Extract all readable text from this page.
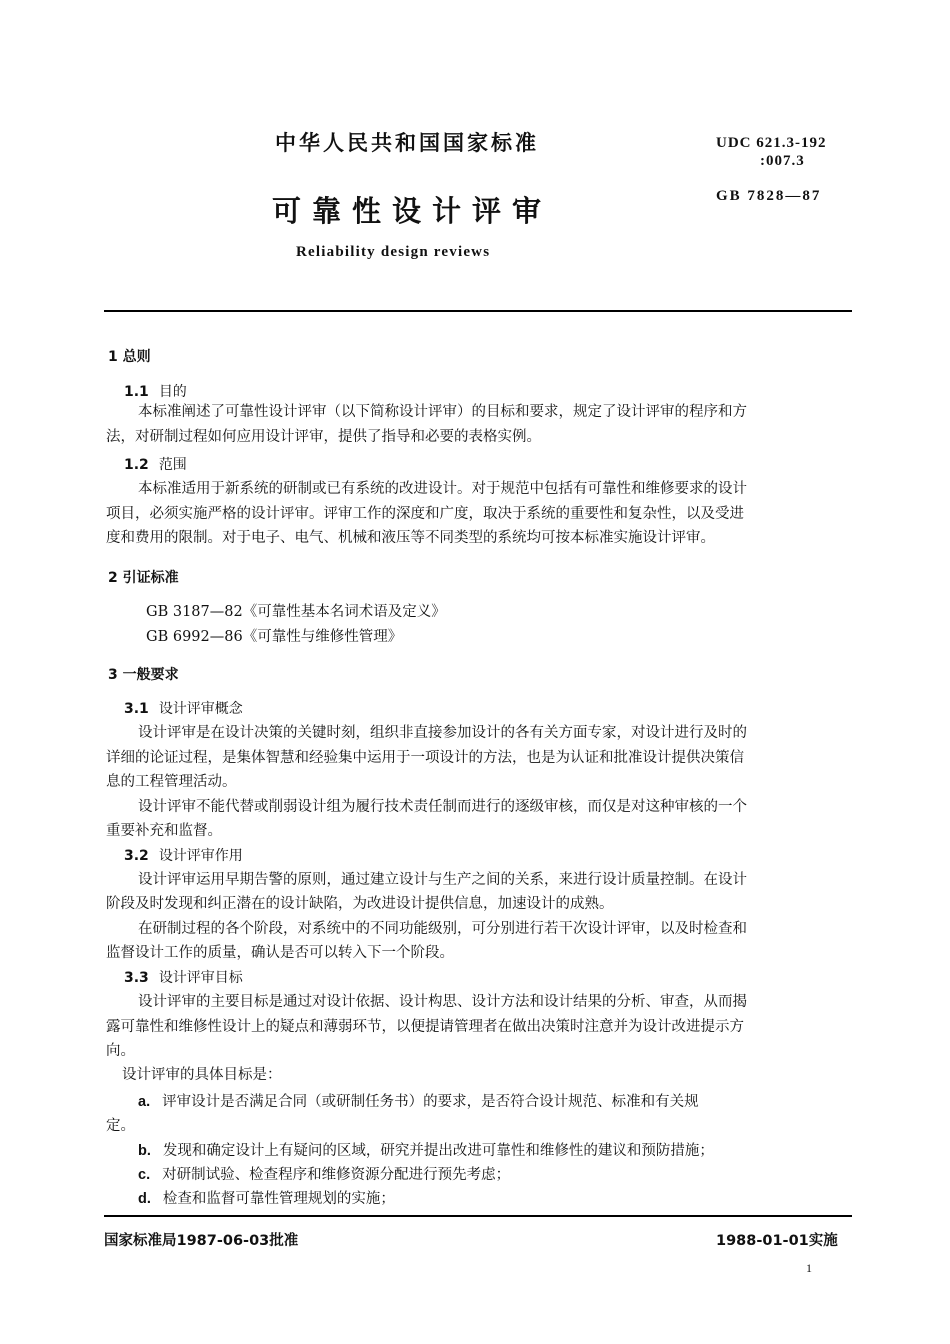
中华人民共和国国家标准	UDC 621.3-192
:007.3
可靠性设计评审	GB 7828—87
Reliability design reviews
1 总则
1.1 目的
本标准阐述了可靠性设计评审（以下简称设计评审）的目标和要求，规定了设计评审的程序和方
法，对研制过程如何应用设计评审，提供了指导和必要的表格实例。
1.2 范围
本标准适用于新系统的研制或已有系统的改进设计。对于规范中包括有可靠性和维修要求的设计
项目，必须实施严格的设计评审。评审工作的深度和广度，取决于系统的重要性和复杂性，以及受进
度和费用的限制。对于电子、电气、机械和液压等不同类型的系统均可按本标准实施设计评审。
2 引证标准
GB 3187—82《可靠性基本名词术语及定义》
GB 6992—86《可靠性与维修性管理》
3 一般要求
3.1 设计评审概念
设计评审是在设计决策的关键时刻，组织非直接参加设计的各有关方面专家，对设计进行及时的
详细的论证过程，是集体智慧和经验集中运用于一项设计的方法，也是为认证和批准设计提供决策信
息的工程管理活动。
设计评审不能代替或削弱设计组为履行技术责任制而进行的逐级审核，而仅是对这种审核的一个
重要补充和监督。
3.2 设计评审作用
设计评审运用早期告警的原则，通过建立设计与生产之间的关系，来进行设计质量控制。在设计
阶段及时发现和纠正潜在的设计缺陷，为改进设计提供信息，加速设计的成熟。
在研制过程的各个阶段，对系统中的不同功能级别，可分别进行若干次设计评审，以及时检查和
监督设计工作的质量，确认是否可以转入下一个阶段。
3.3 设计评审目标
设计评审的主要目标是通过对设计依据、设计构思、设计方法和设计结果的分析、审查，从而揭
露可靠性和维修性设计上的疑点和薄弱环节，以便提请管理者在做出决策时注意并为设计改进提示方
向。
设计评审的具体目标是：
a. 评审设计是否满足合同（或研制任务书）的要求，是否符合设计规范、标准和有关规
定。
b. 发现和确定设计上有疑问的区域，研究并提出改进可靠性和维修性的建议和预防措施；
c. 对研制试验、检查程序和维修资源分配进行预先考虑；
d. 检查和监督可靠性管理规划的实施；
国家标准局1987-06-03批准	1988-01-01实施
1
